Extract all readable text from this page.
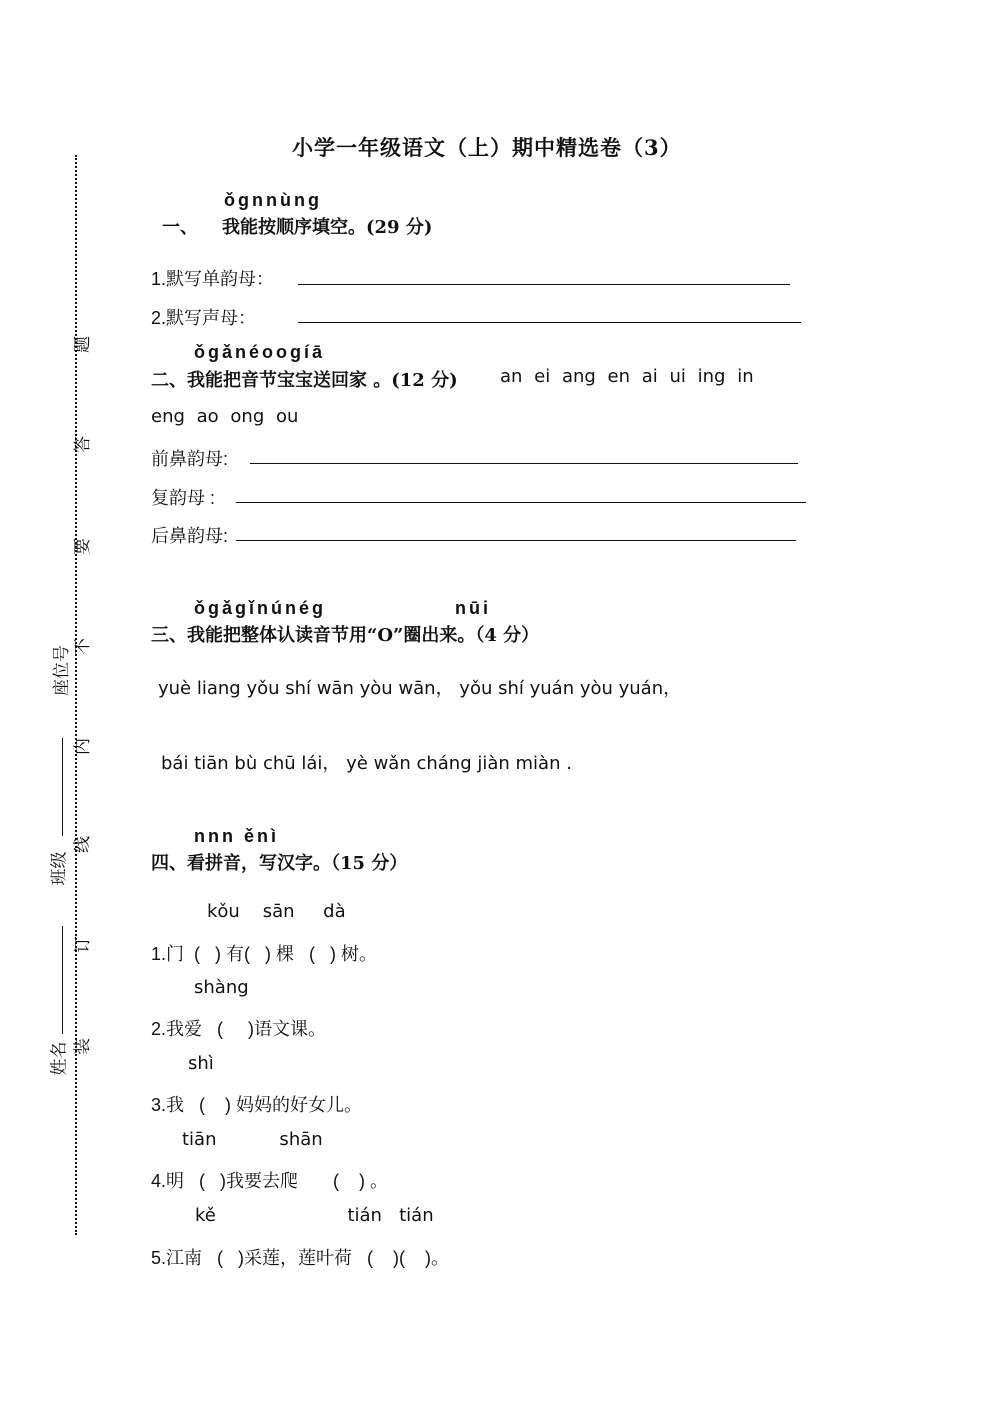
题
答
要
不
内
线
订
装
座位号
班级
姓名
小学一年级语文（上）期中精选卷（3）
ǒgnnùng
一、 我能按顺序填空。(29 分)
1.默写单韵母：
2.默写声母：
ǒgǎnéoogíā
二、我能把音节宝宝送回家 。(12 分) an ei ang en ai ui ing in
eng ao ong ou
前鼻韵母:
复韵母 :
后鼻韵母:
ǒgǎgǐnúnég	nūi
三、我能把整体认读音节用“O”圈出来。（4 分）
yuè liang yǒu shí wān yòu wān， yǒu shí yuán yòu yuán，
bái tiān bù chū lái， yè wǎn cháng jiàn miàn .
nnn ěnì
四、看拼音，写汉字。（15 分）
kǒu    sān     dà
1.门  (   ) 有(   ) 棵   (   ) 树。
shàng
2.我爱   (     )语文课。
shì
3.我   (    ) 妈妈的好女儿。
tiān           shān
4.明   (   )我要去爬       (    ) 。
kě                       tián   tián
5.江南   (   )采莲，莲叶荷   (    )(    )。
